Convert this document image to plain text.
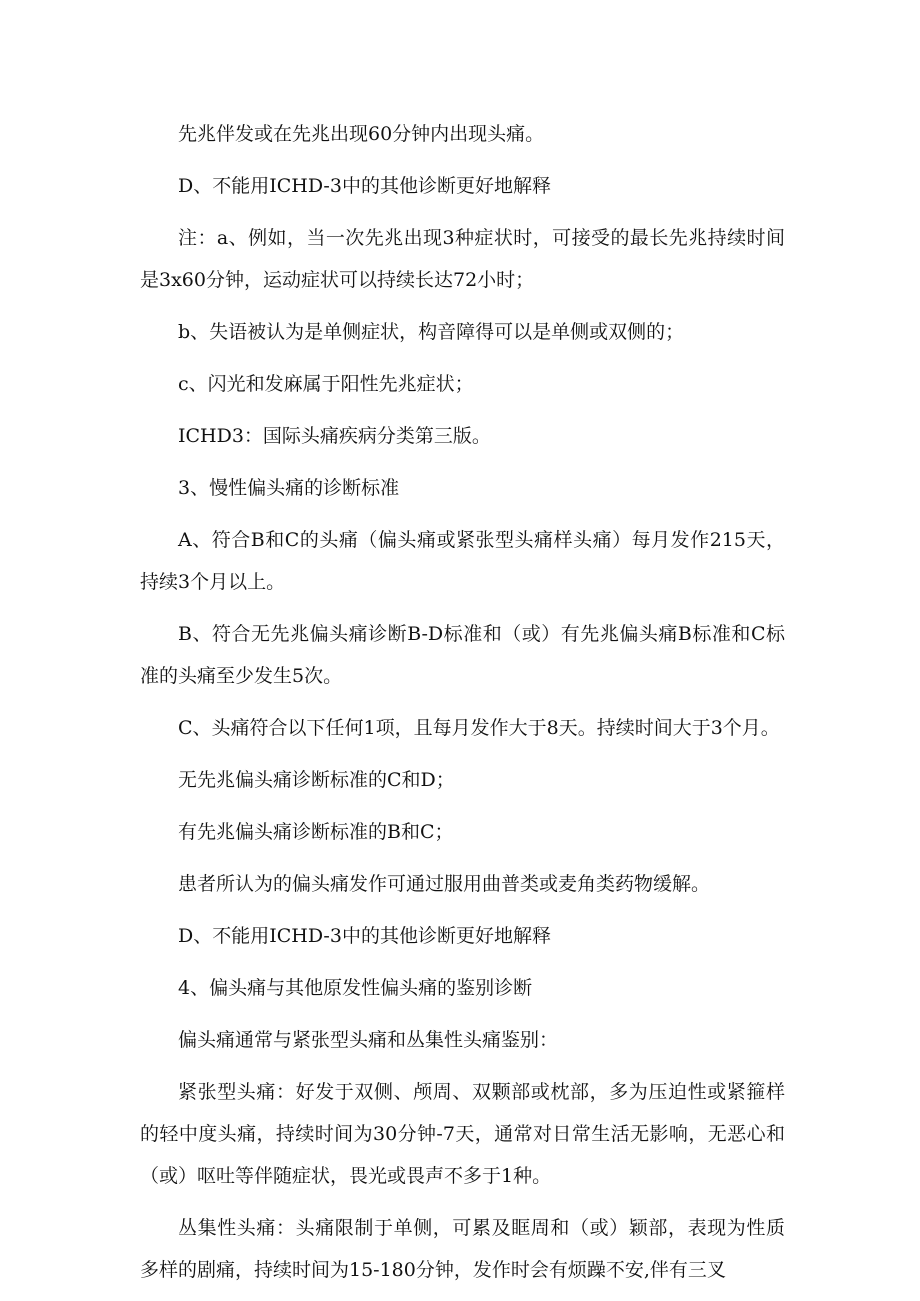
先兆伴发或在先兆出现60分钟内出现头痛。

D、不能用ICHD-3中的其他诊断更好地解释

注：a、例如，当一次先兆出现3种症状时，可接受的最长先兆持续时间是3x60分钟，运动症状可以持续长达72小时；

b、失语被认为是单侧症状，构音障得可以是单侧或双侧的；

c、闪光和发麻属于阳性先兆症状；

ICHD3：国际头痛疾病分类第三版。

3、慢性偏头痛的诊断标准

A、符合B和C的头痛（偏头痛或紧张型头痛样头痛）每月发作215天，持续3个月以上。

B、符合无先兆偏头痛诊断B-D标准和（或）有先兆偏头痛B标准和C标准的头痛至少发生5次。

C、头痛符合以下任何1项，且每月发作大于8天。持续时间大于3个月。

无先兆偏头痛诊断标准的C和D；

有先兆偏头痛诊断标准的B和C；

患者所认为的偏头痛发作可通过服用曲普类或麦角类药物缓解。

D、不能用ICHD-3中的其他诊断更好地解释

4、偏头痛与其他原发性偏头痛的鉴别诊断

偏头痛通常与紧张型头痛和丛集性头痛鉴别：

紧张型头痛：好发于双侧、颅周、双颗部或枕部，多为压迫性或紧箍样的轻中度头痛，持续时间为30分钟-7天，通常对日常生活无影响，无恶心和（或）呕吐等伴随症状，畏光或畏声不多于1种。

丛集性头痛：头痛限制于单侧，可累及眶周和（或）颖部，表现为性质多样的剧痛，持续时间为15-180分钟，发作时会有烦躁不安,伴有三叉
